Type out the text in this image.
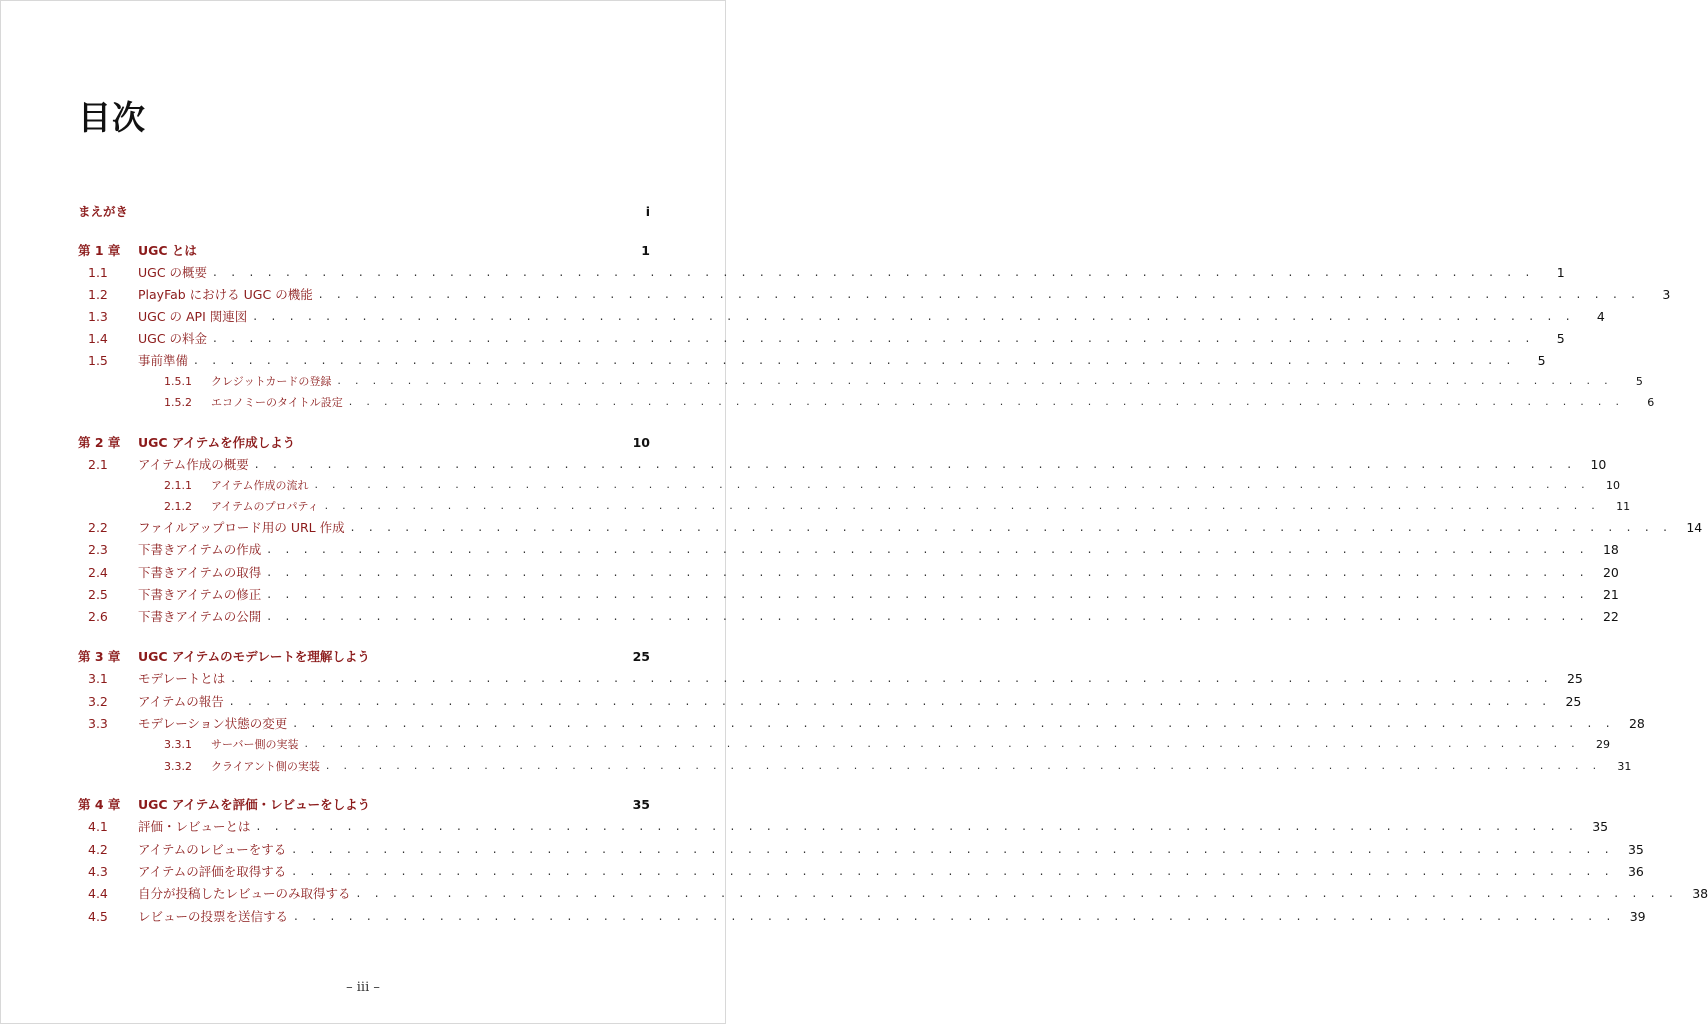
目次
まえがき	i
第 1 章	UGC とは	1
1.1	UGC の概要 . . . . . . . . . . . . . . . . . . . . . . . . . . . . . . . . . . . . . . . . . . . . . . . . . . . . . . . . . . . . . . . . . . . . . . . . .	1
1.2	PlayFab における UGC の機能 . . . . . . . . . . . . . . . . . . . . . . . . . . . . . . . . . . . . . . . . . . . . . . . . . . . . . . . . . . . . . . . . . . . . . . . . .	3
1.3	UGC の API 関連図 . . . . . . . . . . . . . . . . . . . . . . . . . . . . . . . . . . . . . . . . . . . . . . . . . . . . . . . . . . . . . . . . . . . . . . . . .	4
1.4	UGC の料金 . . . . . . . . . . . . . . . . . . . . . . . . . . . . . . . . . . . . . . . . . . . . . . . . . . . . . . . . . . . . . . . . . . . . . . . . .	5
1.5	事前準備 . . . . . . . . . . . . . . . . . . . . . . . . . . . . . . . . . . . . . . . . . . . . . . . . . . . . . . . . . . . . . . . . . . . . . . . . .	5
1.5.1	クレジットカードの登録 . . . . . . . . . . . . . . . . . . . . . . . . . . . . . . . . . . . . . . . . . . . . . . . . . . . . . . . . . . . . . . . . . . . . . . . . .	5
1.5.2	エコノミーのタイトル設定 . . . . . . . . . . . . . . . . . . . . . . . . . . . . . . . . . . . . . . . . . . . . . . . . . . . . . . . . . . . . . . . . . . . . . . . . .	6
第 2 章	UGC アイテムを作成しよう	10
2.1	アイテム作成の概要 . . . . . . . . . . . . . . . . . . . . . . . . . . . . . . . . . . . . . . . . . . . . . . . . . . . . . . . . . . . . . . . . . . . . . . . . .	10
2.1.1	アイテム作成の流れ . . . . . . . . . . . . . . . . . . . . . . . . . . . . . . . . . . . . . . . . . . . . . . . . . . . . . . . . . . . . . . . . . . . . . . . . .	10
2.1.2	アイテムのプロパティ . . . . . . . . . . . . . . . . . . . . . . . . . . . . . . . . . . . . . . . . . . . . . . . . . . . . . . . . . . . . . . . . . . . . . . . . .	11
2.2	ファイルアップロード用の URL 作成 . . . . . . . . . . . . . . . . . . . . . . . . . . . . . . . . . . . . . . . . . . . . . . . . . . . . . . . . . . . . . . . . . . . . . . . . .	14
2.3	下書きアイテムの作成 . . . . . . . . . . . . . . . . . . . . . . . . . . . . . . . . . . . . . . . . . . . . . . . . . . . . . . . . . . . . . . . . . . . . . . . . .	18
2.4	下書きアイテムの取得 . . . . . . . . . . . . . . . . . . . . . . . . . . . . . . . . . . . . . . . . . . . . . . . . . . . . . . . . . . . . . . . . . . . . . . . . .	20
2.5	下書きアイテムの修正 . . . . . . . . . . . . . . . . . . . . . . . . . . . . . . . . . . . . . . . . . . . . . . . . . . . . . . . . . . . . . . . . . . . . . . . . .	21
2.6	下書きアイテムの公開 . . . . . . . . . . . . . . . . . . . . . . . . . . . . . . . . . . . . . . . . . . . . . . . . . . . . . . . . . . . . . . . . . . . . . . . . .	22
第 3 章	UGC アイテムのモデレートを理解しよう	25
3.1	モデレートとは . . . . . . . . . . . . . . . . . . . . . . . . . . . . . . . . . . . . . . . . . . . . . . . . . . . . . . . . . . . . . . . . . . . . . . . . .	25
3.2	アイテムの報告 . . . . . . . . . . . . . . . . . . . . . . . . . . . . . . . . . . . . . . . . . . . . . . . . . . . . . . . . . . . . . . . . . . . . . . . . .	25
3.3	モデレーション状態の変更 . . . . . . . . . . . . . . . . . . . . . . . . . . . . . . . . . . . . . . . . . . . . . . . . . . . . . . . . . . . . . . . . . . . . . . . . .	28
3.3.1	サーバー側の実装 . . . . . . . . . . . . . . . . . . . . . . . . . . . . . . . . . . . . . . . . . . . . . . . . . . . . . . . . . . . . . . . . . . . . . . . . .	29
3.3.2	クライアント側の実装 . . . . . . . . . . . . . . . . . . . . . . . . . . . . . . . . . . . . . . . . . . . . . . . . . . . . . . . . . . . . . . . . . . . . . . . . .	31
第 4 章	UGC アイテムを評価・レビューをしよう	35
4.1	評価・レビューとは . . . . . . . . . . . . . . . . . . . . . . . . . . . . . . . . . . . . . . . . . . . . . . . . . . . . . . . . . . . . . . . . . . . . . . . . .	35
4.2	アイテムのレビューをする . . . . . . . . . . . . . . . . . . . . . . . . . . . . . . . . . . . . . . . . . . . . . . . . . . . . . . . . . . . . . . . . . . . . . . . . .	35
4.3	アイテムの評価を取得する . . . . . . . . . . . . . . . . . . . . . . . . . . . . . . . . . . . . . . . . . . . . . . . . . . . . . . . . . . . . . . . . . . . . . . . . .	36
4.4	自分が投稿したレビューのみ取得する . . . . . . . . . . . . . . . . . . . . . . . . . . . . . . . . . . . . . . . . . . . . . . . . . . . . . . . . . . . . . . . . . . . . . . . . .	38
4.5	レビューの投票を送信する . . . . . . . . . . . . . . . . . . . . . . . . . . . . . . . . . . . . . . . . . . . . . . . . . . . . . . . . . . . . . . . . . . . . . . . . .	39
– iii –
